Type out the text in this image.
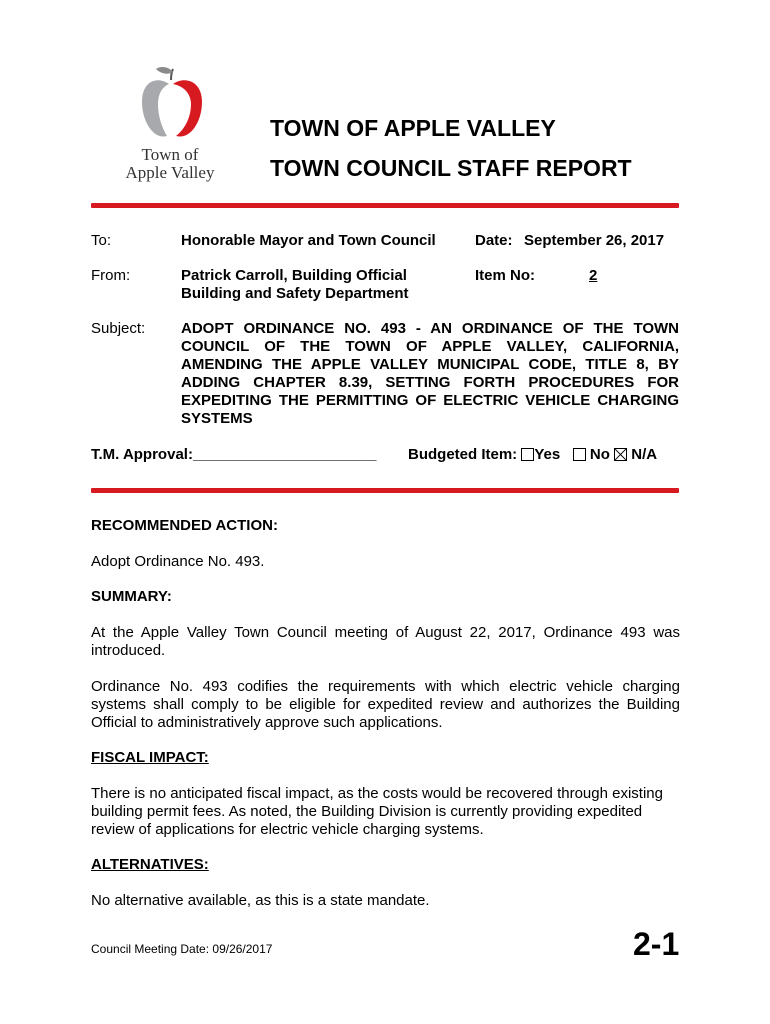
Town of
Apple Valley
TOWN OF APPLE VALLEY
TOWN COUNCIL STAFF REPORT
To:	Honorable Mayor and Town Council	Date: September 26, 2017
From:	Patrick Carroll, Building Official
Building and Safety Department
Item No:	2
Subject: ADOPT ORDINANCE NO. 493 - AN ORDINANCE OF THE TOWN COUNCIL OF THE TOWN OF APPLE VALLEY, CALIFORNIA, AMENDING THE APPLE VALLEY MUNICIPAL CODE, TITLE 8, BY ADDING CHAPTER 8.39, SETTING FORTH PROCEDURES FOR EXPEDITING THE PERMITTING OF ELECTRIC VEHICLE CHARGING SYSTEMS
T.M. Approval:______________________ Budgeted Item: Yes No N/A
RECOMMENDED ACTION:
Adopt Ordinance No. 493.
SUMMARY:
At the Apple Valley Town Council meeting of August 22, 2017, Ordinance 493 was introduced.
Ordinance No. 493 codifies the requirements with which electric vehicle charging systems shall comply to be eligible for expedited review and authorizes the Building Official to administratively approve such applications.
FISCAL IMPACT:
There is no anticipated fiscal impact, as the costs would be recovered through existing building permit fees. As noted, the Building Division is currently providing expedited review of applications for electric vehicle charging systems.
ALTERNATIVES:
No alternative available, as this is a state mandate.
Council Meeting Date: 09/26/2017	2-1
